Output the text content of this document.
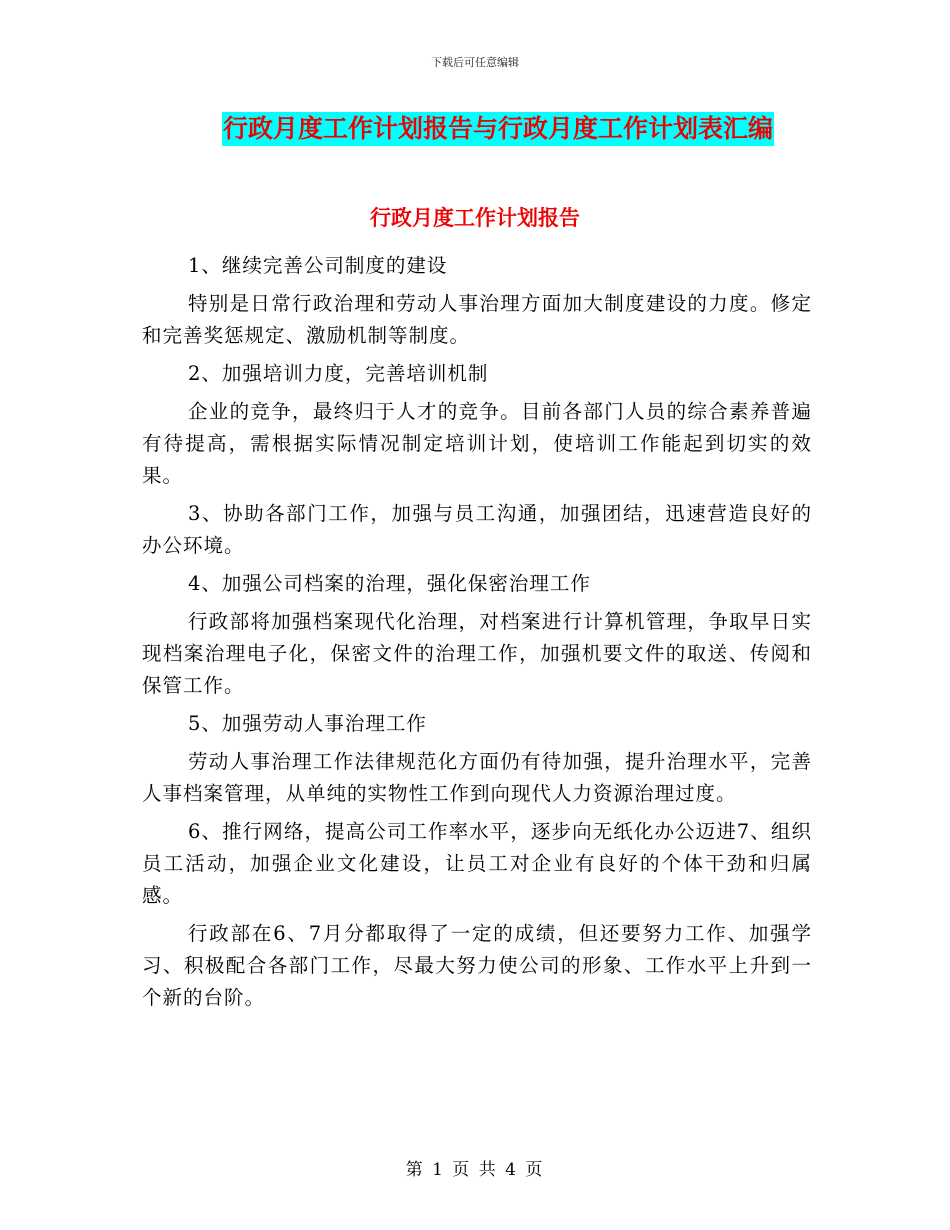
下载后可任意编辑
行政月度工作计划报告与行政月度工作计划表汇编
行政月度工作计划报告

1、继续完善公司制度的建设

特别是日常行政治理和劳动人事治理方面加大制度建设的力度。修定和完善奖惩规定、激励机制等制度。

2、加强培训力度，完善培训机制

企业的竞争，最终归于人才的竞争。目前各部门人员的综合素养普遍有待提高，需根据实际情况制定培训计划，使培训工作能起到切实的效果。

3、协助各部门工作，加强与员工沟通，加强团结，迅速营造良好的办公环境。

4、加强公司档案的治理，强化保密治理工作

行政部将加强档案现代化治理，对档案进行计算机管理，争取早日实现档案治理电子化，保密文件的治理工作，加强机要文件的取送、传阅和保管工作。

5、加强劳动人事治理工作

劳动人事治理工作法律规范化方面仍有待加强，提升治理水平，完善人事档案管理，从单纯的实物性工作到向现代人力资源治理过度。

6、推行网络，提高公司工作率水平，逐步向无纸化办公迈进7、组织员工活动，加强企业文化建设，让员工对企业有良好的个体干劲和归属感。

行政部在6、7月分都取得了一定的成绩，但还要努力工作、加强学习、积极配合各部门工作，尽最大努力使公司的形象、工作水平上升到一个新的台阶。

第 1 页 共 4 页
